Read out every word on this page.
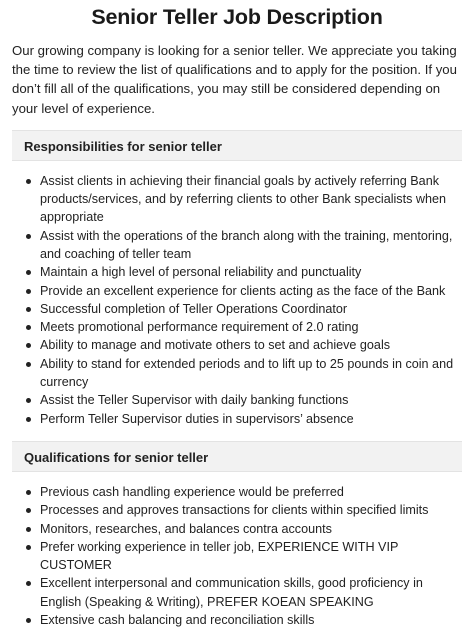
Senior Teller Job Description

Our growing company is looking for a senior teller. We appreciate you taking the time to review the list of qualifications and to apply for the position. If you don’t fill all of the qualifications, you may still be considered depending on your level of experience.

Responsibilities for senior teller
Assist clients in achieving their financial goals by actively referring Bank products/services, and by referring clients to other Bank specialists when appropriate
Assist with the operations of the branch along with the training, mentoring, and coaching of teller team
Maintain a high level of personal reliability and punctuality
Provide an excellent experience for clients acting as the face of the Bank
Successful completion of Teller Operations Coordinator
Meets promotional performance requirement of 2.0 rating
Ability to manage and motivate others to set and achieve goals
Ability to stand for extended periods and to lift up to 25 pounds in coin and currency
Assist the Teller Supervisor with daily banking functions
Perform Teller Supervisor duties in supervisors’ absence
Qualifications for senior teller
Previous cash handling experience would be preferred
Processes and approves transactions for clients within specified limits
Monitors, researches, and balances contra accounts
Prefer working experience in teller job, EXPERIENCE WITH VIP CUSTOMER
Excellent interpersonal and communication skills, good proficiency in English (Speaking & Writing), PREFER KOEAN SPEAKING
Extensive cash balancing and reconciliation skills
